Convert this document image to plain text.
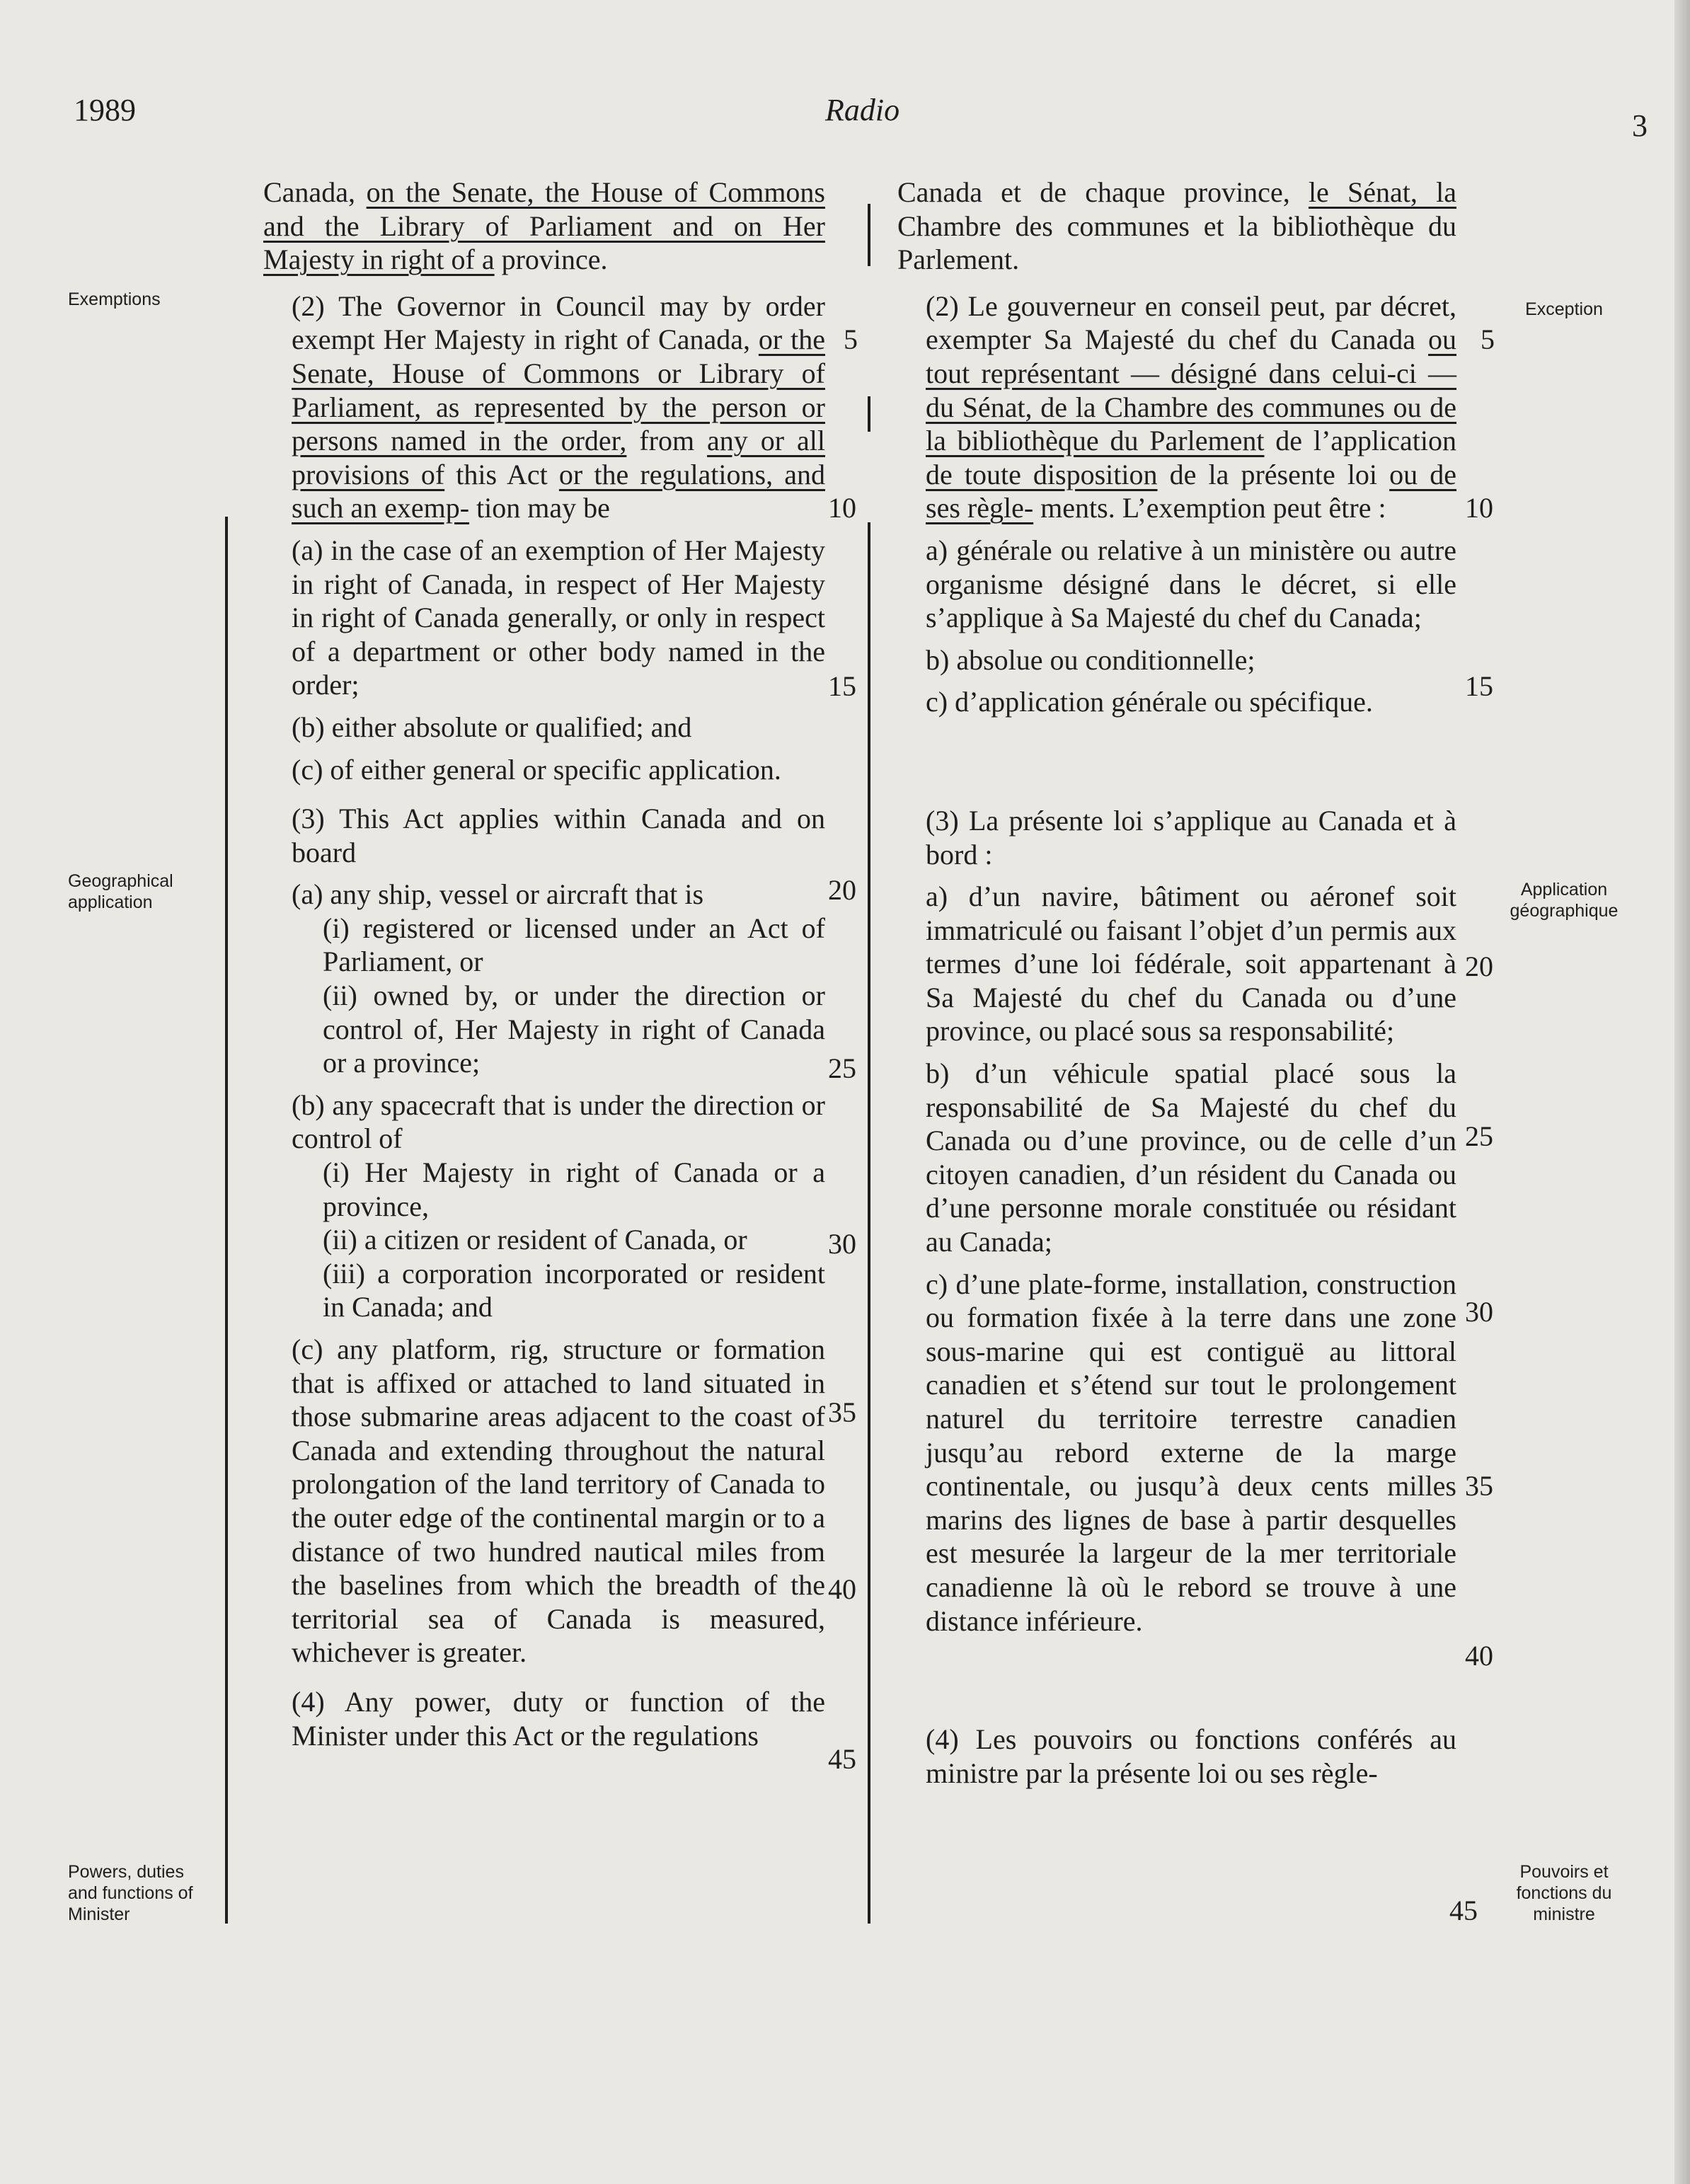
1989	Radio	3
Exemptions	Exception
Geographical application
Application géographique
Powers, duties and functions of Minister
Pouvoirs et fonctions du ministre

Canada, on the Senate, the House of Commons and the Library of Parliament and on Her Majesty in right of a province.

(2) The Governor in Council may by order exempt Her Majesty in right of Canada, or the Senate, House of Commons or Library of Parliament, as represented by the person or persons named in the order, from any or all provisions of this Act or the regulations, and such an exemp- tion may be

(a) in the case of an exemption of Her Majesty in right of Canada, in respect of Her Majesty in right of Canada generally, or only in respect of a department or other body named in the order;

(b) either absolute or qualified; and

(c) of either general or specific application.

(3) This Act applies within Canada and on board

(a) any ship, vessel or aircraft that is

(i) registered or licensed under an Act of Parliament, or

(ii) owned by, or under the direction or control of, Her Majesty in right of Canada or a province;

(b) any spacecraft that is under the direction or control of

(i) Her Majesty in right of Canada or a province,

(ii) a citizen or resident of Canada, or

(iii) a corporation incorporated or resident in Canada; and

(c) any platform, rig, structure or formation that is affixed or attached to land situated in those submarine areas adjacent to the coast of Canada and extending throughout the natural prolongation of the land territory of Canada to the outer edge of the continental margin or to a distance of two hundred nautical miles from the baselines from which the breadth of the territorial sea of Canada is measured, whichever is greater.

(4) Any power, duty or function of the Minister under this Act or the regulations

Canada et de chaque province, le Sénat, la Chambre des communes et la bibliothèque du Parlement.

(2) Le gouverneur en conseil peut, par décret, exempter Sa Majesté du chef du Canada ou tout représentant — désigné dans celui-ci — du Sénat, de la Chambre des communes ou de la bibliothèque du Parlement de l’application de toute disposition de la présente loi ou de ses règle- ments. L’exemption peut être :

a) générale ou relative à un ministère ou autre organisme désigné dans le décret, si elle s’applique à Sa Majesté du chef du Canada;

b) absolue ou conditionnelle;

c) d’application générale ou spécifique.

(3) La présente loi s’applique au Canada et à bord :

a) d’un navire, bâtiment ou aéronef soit immatriculé ou faisant l’objet d’un permis aux termes d’une loi fédérale, soit appartenant à Sa Majesté du chef du Canada ou d’une province, ou placé sous sa responsabilité;

b) d’un véhicule spatial placé sous la responsabilité de Sa Majesté du chef du Canada ou d’une province, ou de celle d’un citoyen canadien, d’un résident du Canada ou d’une personne morale constituée ou résidant au Canada;

c) d’une plate-forme, installation, construction ou formation fixée à la terre dans une zone sous-marine qui est contiguë au littoral canadien et s’étend sur tout le prolongement naturel du territoire terrestre canadien jusqu’au rebord externe de la marge continentale, ou jusqu’à deux cents milles marins des lignes de base à partir desquelles est mesurée la largeur de la mer territoriale canadienne là où le rebord se trouve à une distance inférieure.

(4) Les pouvoirs ou fonctions conférés au ministre par la présente loi ou ses règle-

5
10
15
20
25
30
35
40
45
5
10
15
20
25
30
35
40
45
